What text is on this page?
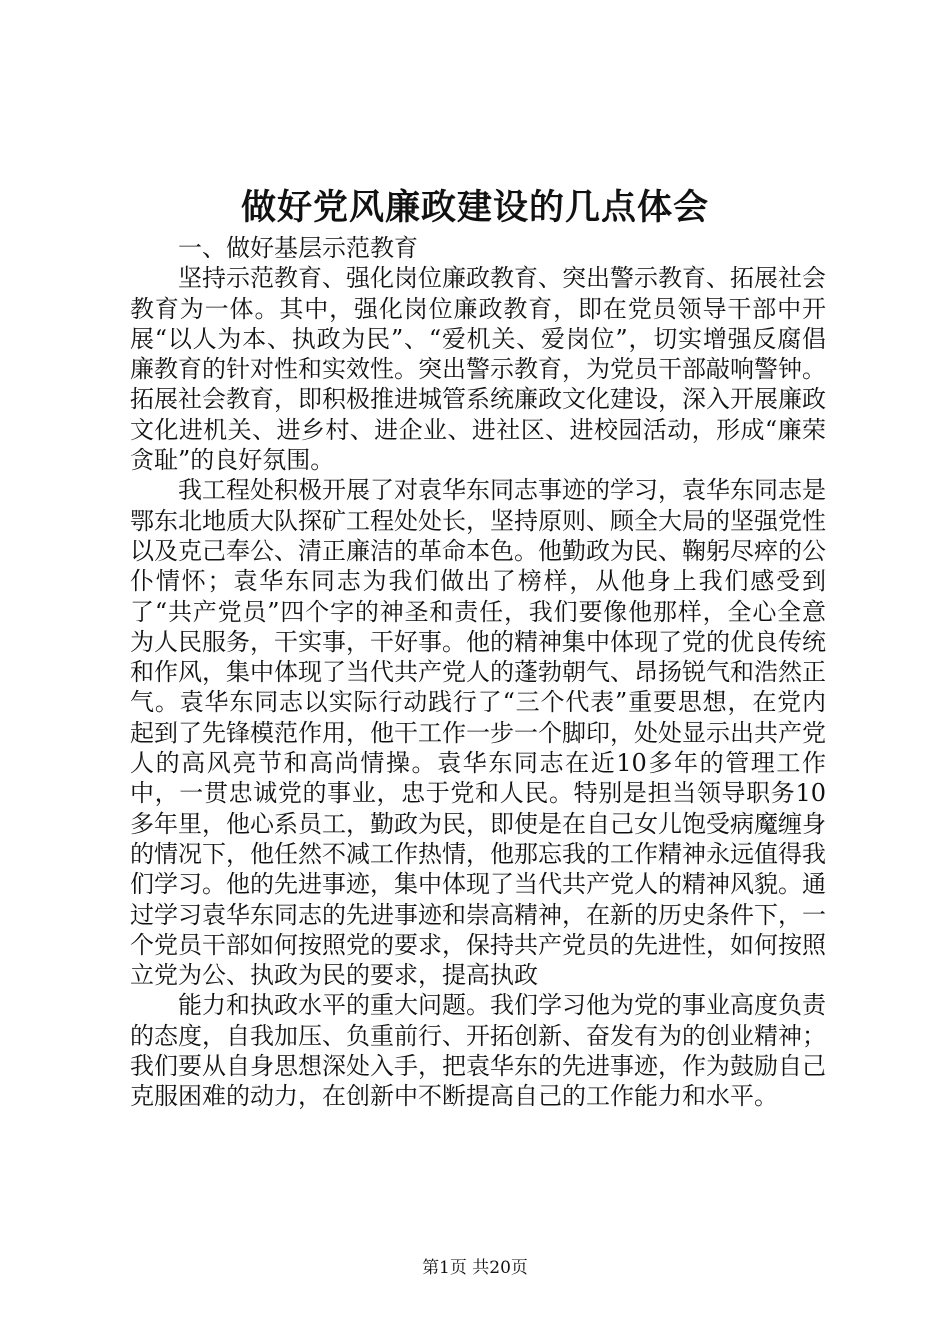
做好党风廉政建设的几点体会

一、做好基层示范教育

坚持示范教育、强化岗位廉政教育、突出警示教育、拓展社会教育为一体。其中，强化岗位廉政教育，即在党员领导干部中开展“以人为本、执政为民”、“爱机关、爱岗位”，切实增强反腐倡廉教育的针对性和实效性。突出警示教育，为党员干部敲响警钟。拓展社会教育，即积极推进城管系统廉政文化建设，深入开展廉政文化进机关、进乡村、进企业、进社区、进校园活动，形成“廉荣贪耻”的良好氛围。

我工程处积极开展了对袁华东同志事迹的学习，袁华东同志是鄂东北地质大队探矿工程处处长，坚持原则、顾全大局的坚强党性以及克己奉公、清正廉洁的革命本色。他勤政为民、鞠躬尽瘁的公仆情怀；袁华东同志为我们做出了榜样，从他身上我们感受到了“共产党员”四个字的神圣和责任，我们要像他那样，全心全意为人民服务，干实事，干好事。他的精神集中体现了党的优良传统和作风，集中体现了当代共产党人的蓬勃朝气、昂扬锐气和浩然正气。袁华东同志以实际行动践行了“三个代表”重要思想，在党内起到了先锋模范作用，他干工作一步一个脚印，处处显示出共产党人的高风亮节和高尚情操。袁华东同志在近10多年的管理工作中，一贯忠诚党的事业，忠于党和人民。特别是担当领导职务10多年里，他心系员工，勤政为民，即使是在自己女儿饱受病魔缠身的情况下，他任然不减工作热情，他那忘我的工作精神永远值得我们学习。他的先进事迹，集中体现了当代共产党人的精神风貌。通过学习袁华东同志的先进事迹和崇高精神，在新的历史条件下，一个党员干部如何按照党的要求，保持共产党员的先进性，如何按照立党为公、执政为民的要求，提高执政

能力和执政水平的重大问题。我们学习他为党的事业高度负责的态度，自我加压、负重前行、开拓创新、奋发有为的创业精神；我们要从自身思想深处入手，把袁华东的先进事迹，作为鼓励自己克服困难的动力，在创新中不断提高自己的工作能力和水平。

第1页 共20页
